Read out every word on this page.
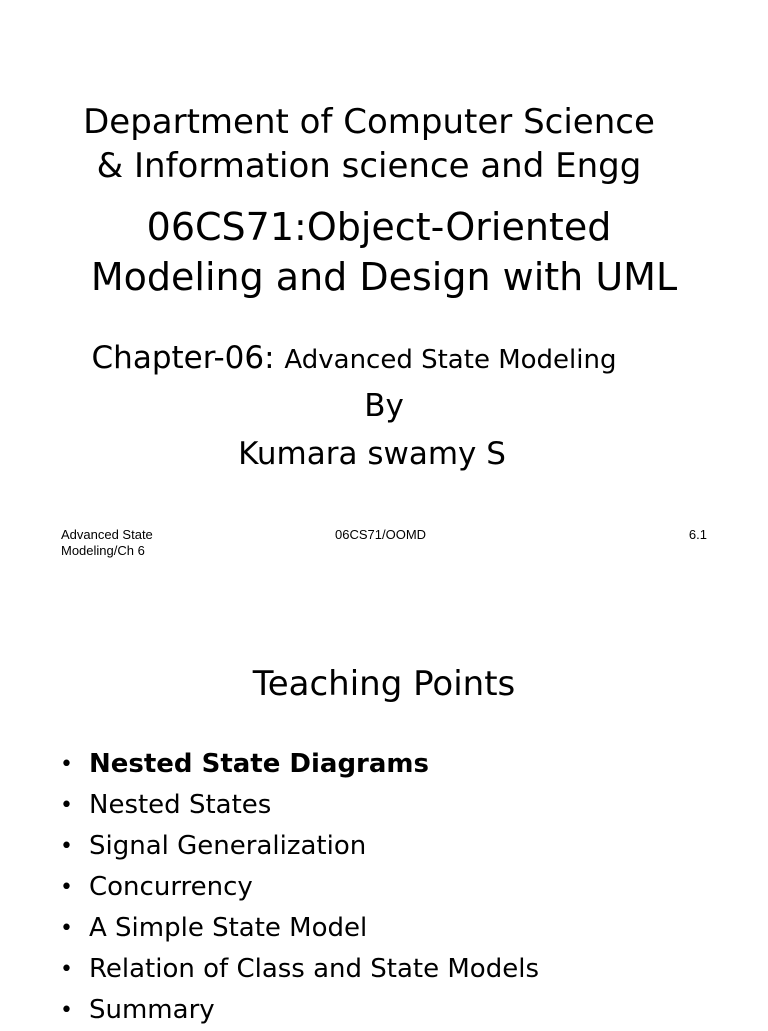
Department of Computer Science
& Information science and Engg
06CS71:Object-Oriented
Modeling and Design with UML
Chapter-06: Advanced State Modeling
By
Kumara swamy S
Advanced State
Modeling/Ch 6
06CS71/OOMD	6.1
Teaching Points
• Nested State Diagrams
• Nested States
• Signal Generalization
• Concurrency
• A Simple State Model
• Relation of Class and State Models
• Summary
